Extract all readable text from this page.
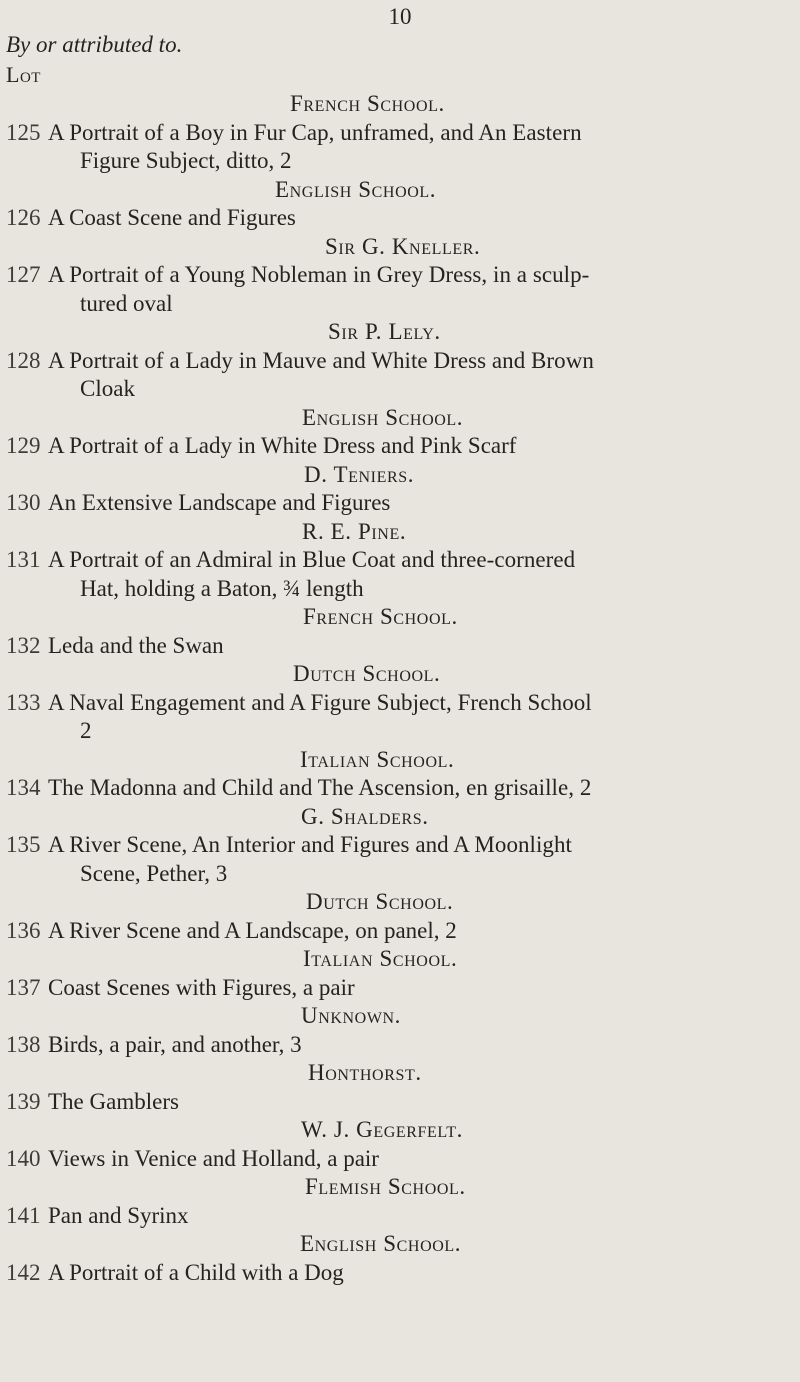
10
By or attributed to.
Lot
French School.
125 A Portrait of a Boy in Fur Cap, unframed, and An Eastern
Figure Subject, ditto, 2
English School.
126 A Coast Scene and Figures
Sir G. Kneller.
127 A Portrait of a Young Nobleman in Grey Dress, in a sculp-
tured oval
Sir P. Lely.
128 A Portrait of a Lady in Mauve and White Dress and Brown
Cloak
English School.
129 A Portrait of a Lady in White Dress and Pink Scarf
D. Teniers.
130 An Extensive Landscape and Figures
R. E. Pine.
131 A Portrait of an Admiral in Blue Coat and three-cornered
Hat, holding a Baton, ¾ length
French School.
132 Leda and the Swan
Dutch School.
133 A Naval Engagement and A Figure Subject, French School
2
Italian School.
134 The Madonna and Child and The Ascension, en grisaille, 2
G. Shalders.
135 A River Scene, An Interior and Figures and A Moonlight
Scene, Pether, 3
Dutch School.
136 A River Scene and A Landscape, on panel, 2
Italian School.
137 Coast Scenes with Figures, a pair
Unknown.
138 Birds, a pair, and another, 3
Honthorst.
139 The Gamblers
W. J. Gegerfelt.
140 Views in Venice and Holland, a pair
Flemish School.
141 Pan and Syrinx
English School.
142 A Portrait of a Child with a Dog
